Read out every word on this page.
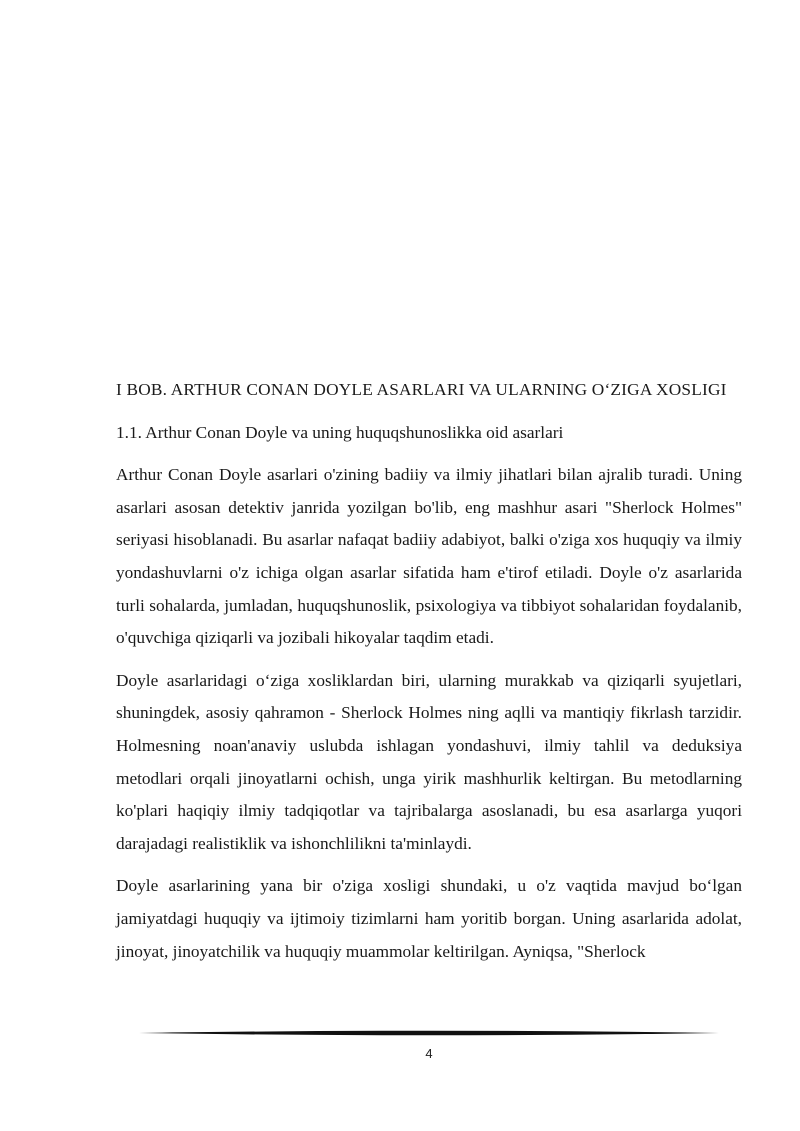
I BOB. ARTHUR CONAN DOYLE ASARLARI VA ULARNING O‘ZIGA XOSLIGI
1.1. Arthur Conan Doyle va uning huquqshunoslikka oid asarlari

Arthur Conan Doyle asarlari o'zining badiiy va ilmiy jihatlari bilan ajralib turadi. Uning asarlari asosan detektiv janrida yozilgan bo'lib, eng mashhur asari "Sherlock Holmes" seriyasi hisoblanadi. Bu asarlar nafaqat badiiy adabiyot, balki o'ziga xos huquqiy va ilmiy yondashuvlarni o'z ichiga olgan asarlar sifatida ham e'tirof etiladi. Doyle o'z asarlarida turli sohalarda, jumladan, huquqshunoslik, psixologiya va tibbiyot sohalaridan foydalanib, o'quvchiga qiziqarli va jozibali hikoyalar taqdim etadi.

Doyle asarlaridagi o‘ziga xosliklardan biri, ularning murakkab va qiziqarli syujetlari, shuningdek, asosiy qahramon - Sherlock Holmes ning aqlli va mantiqiy fikrlash tarzidir. Holmesning noan'anaviy uslubda ishlagan yondashuvi, ilmiy tahlil va deduksiya metodlari orqali jinoyatlarni ochish, unga yirik mashhurlik keltirgan. Bu metodlarning ko'plari haqiqiy ilmiy tadqiqotlar va tajribalarga asoslanadi, bu esa asarlarga yuqori darajadagi realistiklik va ishonchlilikni ta'minlaydi.

Doyle asarlarining yana bir o'ziga xosligi shundaki, u o'z vaqtida mavjud bo‘lgan jamiyatdagi huquqiy va ijtimoiy tizimlarni ham yoritib borgan. Uning asarlarida adolat, jinoyat, jinoyatchilik va huquqiy muammolar keltirilgan. Ayniqsa, "Sherlock

4
